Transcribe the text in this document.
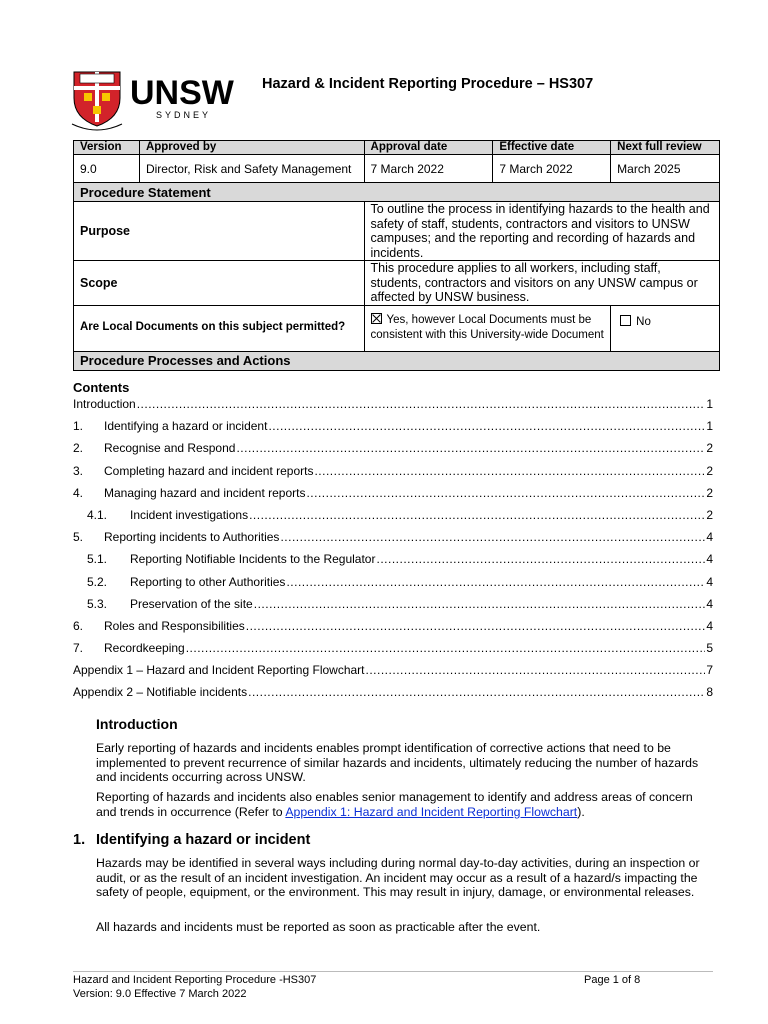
UNSW
SYDNEY
Hazard & Incident Reporting Procedure – HS307
Version	Approved by	Approval date	Effective date	Next full review
9.0	Director, Risk and Safety Management	7 March 2022	7 March 2022	March 2025
Procedure Statement				
Purpose		To outline the process in identifying hazards to the health and safety of staff, students, contractors and visitors to UNSW campuses; and the reporting and recording of hazards and incidents.		
Scope		This procedure applies to all workers, including staff, students, contractors and visitors on any UNSW campus or affected by UNSW business.		
Are Local Documents on this subject permitted?		Yes, however Local Documents must be consistent with this University-wide Document		No
Procedure Processes and Actions				
Contents
Introduction .....	1
1.	Identifying a hazard or incident .....	1
2.	Recognise and Respond .....	2
3.	Completing hazard and incident reports .....	2
4.	Managing hazard and incident reports .....	2
4.1.	Incident investigations .....	2
5.	Reporting incidents to Authorities .....	4
5.1.	Reporting Notifiable Incidents to the Regulator .....	4
5.2.	Reporting to other Authorities .....	4
5.3.	Preservation of the site .....	4
6.	Roles and Responsibilities .....	4
7.	Recordkeeping .....	5
Appendix 1 – Hazard and Incident Reporting Flowchart .....	7
Appendix 2 – Notifiable incidents .....	8
Introduction
Early reporting of hazards and incidents enables prompt identification of corrective actions that need to be implemented to prevent recurrence of similar hazards and incidents, ultimately reducing the number of hazards and incidents occurring across UNSW.
Reporting of hazards and incidents also enables senior management to identify and address areas of concern and trends in occurrence (Refer to Appendix 1: Hazard and Incident Reporting Flowchart).
1. Identifying a hazard or incident
Hazards may be identified in several ways including during normal day-to-day activities, during an inspection or audit, or as the result of an incident investigation. An incident may occur as a result of a hazard/s impacting the safety of people, equipment, or the environment. This may result in injury, damage, or environmental releases.
All hazards and incidents must be reported as soon as practicable after the event.
Hazard and Incident Reporting Procedure -HS307
Version: 9.0 Effective 7 March 2022
Page 1 of 8
